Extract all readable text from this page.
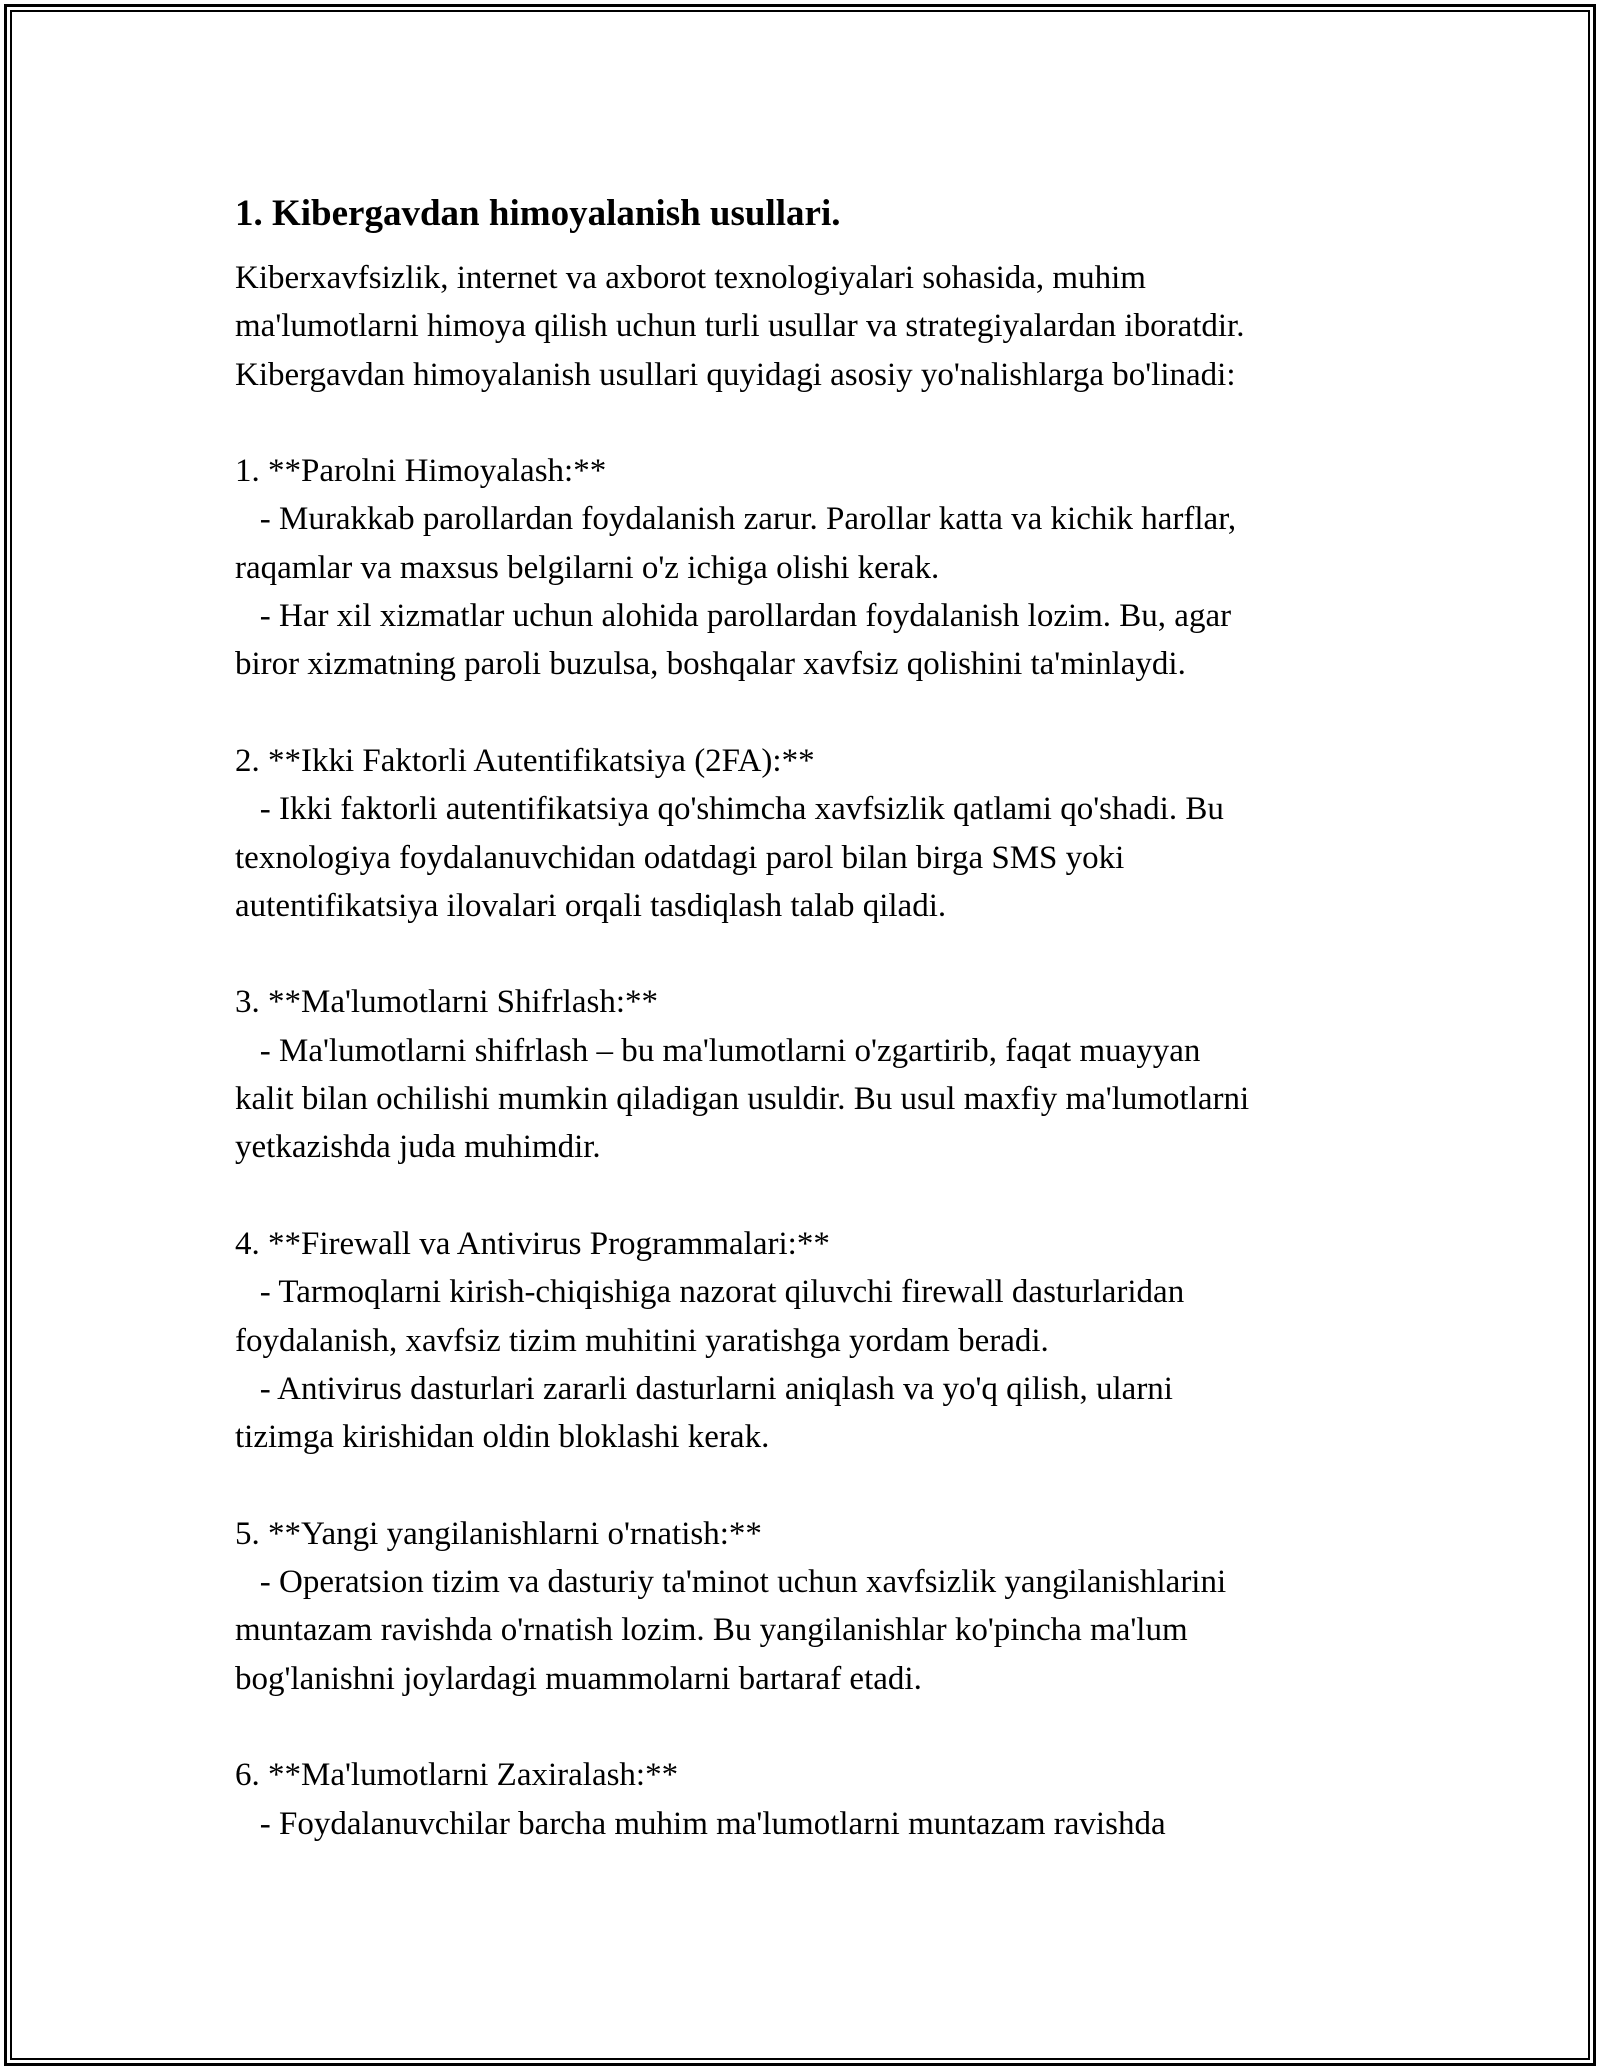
1. Kibergavdan himoyalanish usullari.
Kiberxavfsizlik, internet va axborot texnologiyalari sohasida, muhim
ma'lumotlarni himoya qilish uchun turli usullar va strategiyalardan iboratdir.
Kibergavdan himoyalanish usullari quyidagi asosiy yo'nalishlarga bo'linadi:
1. **Parolni Himoyalash:**
- Murakkab parollardan foydalanish zarur. Parollar katta va kichik harflar,
raqamlar va maxsus belgilarni o'z ichiga olishi kerak.
- Har xil xizmatlar uchun alohida parollardan foydalanish lozim. Bu, agar
biror xizmatning paroli buzulsa, boshqalar xavfsiz qolishini ta'minlaydi.
2. **Ikki Faktorli Autentifikatsiya (2FA):**
- Ikki faktorli autentifikatsiya qo'shimcha xavfsizlik qatlami qo'shadi. Bu
texnologiya foydalanuvchidan odatdagi parol bilan birga SMS yoki
autentifikatsiya ilovalari orqali tasdiqlash talab qiladi.
3. **Ma'lumotlarni Shifrlash:**
- Ma'lumotlarni shifrlash – bu ma'lumotlarni o'zgartirib, faqat muayyan
kalit bilan ochilishi mumkin qiladigan usuldir. Bu usul maxfiy ma'lumotlarni
yetkazishda juda muhimdir.
4. **Firewall va Antivirus Programmalari:**
- Tarmoqlarni kirish-chiqishiga nazorat qiluvchi firewall dasturlaridan
foydalanish, xavfsiz tizim muhitini yaratishga yordam beradi.
- Antivirus dasturlari zararli dasturlarni aniqlash va yo'q qilish, ularni
tizimga kirishidan oldin bloklashi kerak.
5. **Yangi yangilanishlarni o'rnatish:**
- Operatsion tizim va dasturiy ta'minot uchun xavfsizlik yangilanishlarini
muntazam ravishda o'rnatish lozim. Bu yangilanishlar ko'pincha ma'lum
bog'lanishni joylardagi muammolarni bartaraf etadi.
6. **Ma'lumotlarni Zaxiralash:**
- Foydalanuvchilar barcha muhim ma'lumotlarni muntazam ravishda
